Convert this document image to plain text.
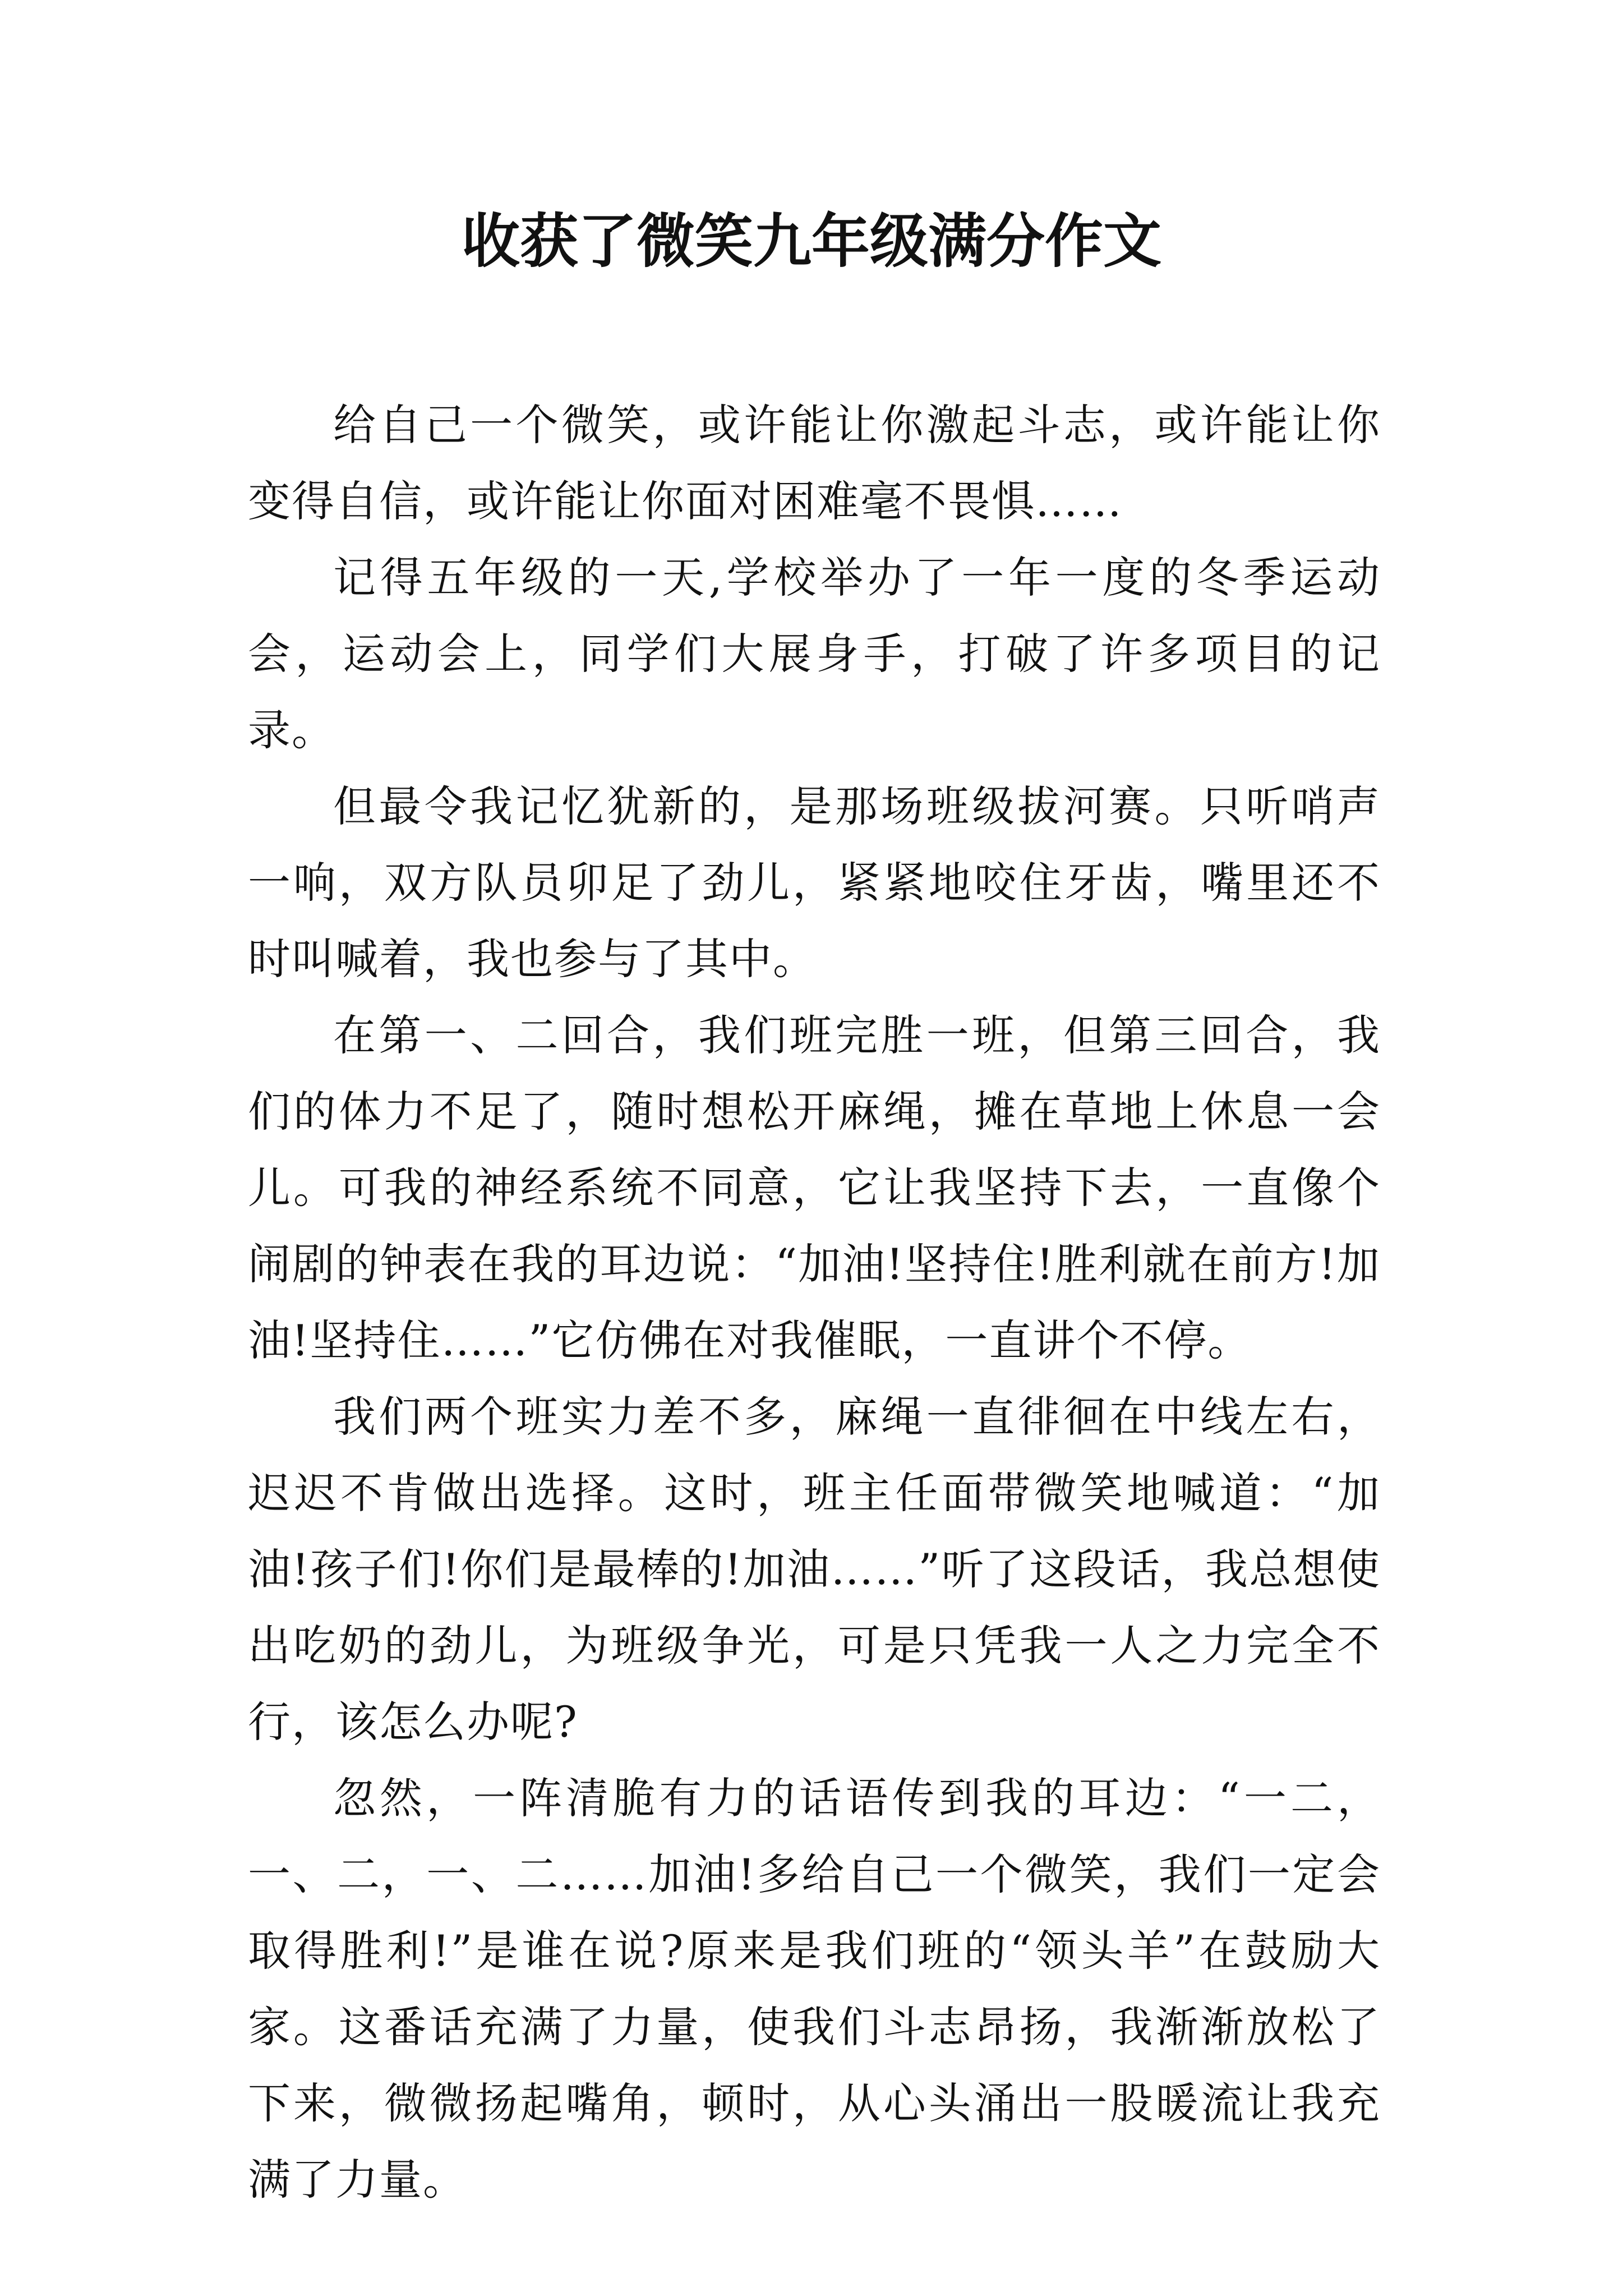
收获了微笑九年级满分作文

给自己一个微笑，或许能让你激起斗志，或许能让你变得自信，或许能让你面对困难毫不畏惧……

记得五年级的一天,学校举办了一年一度的冬季运动会，运动会上，同学们大展身手，打破了许多项目的记录。

但最令我记忆犹新的，是那场班级拔河赛。只听哨声一响，双方队员卯足了劲儿，紧紧地咬住牙齿，嘴里还不时叫喊着，我也参与了其中。

在第一、二回合，我们班完胜一班，但第三回合，我们的体力不足了，随时想松开麻绳，摊在草地上休息一会儿。可我的神经系统不同意，它让我坚持下去，一直像个闹剧的钟表在我的耳边说：“加油!坚持住!胜利就在前方!加油!坚持住……”它仿佛在对我催眠，一直讲个不停。

我们两个班实力差不多，麻绳一直徘徊在中线左右，迟迟不肯做出选择。这时，班主任面带微笑地喊道：“加油!孩子们!你们是最棒的!加油……”听了这段话，我总想使出吃奶的劲儿，为班级争光，可是只凭我一人之力完全不行，该怎么办呢?

忽然，一阵清脆有力的话语传到我的耳边：“一二，一、二，一、二……加油!多给自己一个微笑，我们一定会取得胜利!”是谁在说?原来是我们班的“领头羊”在鼓励大家。这番话充满了力量，使我们斗志昂扬，我渐渐放松了下来，微微扬起嘴角，顿时，从心头涌出一股暖流让我充满了力量。
